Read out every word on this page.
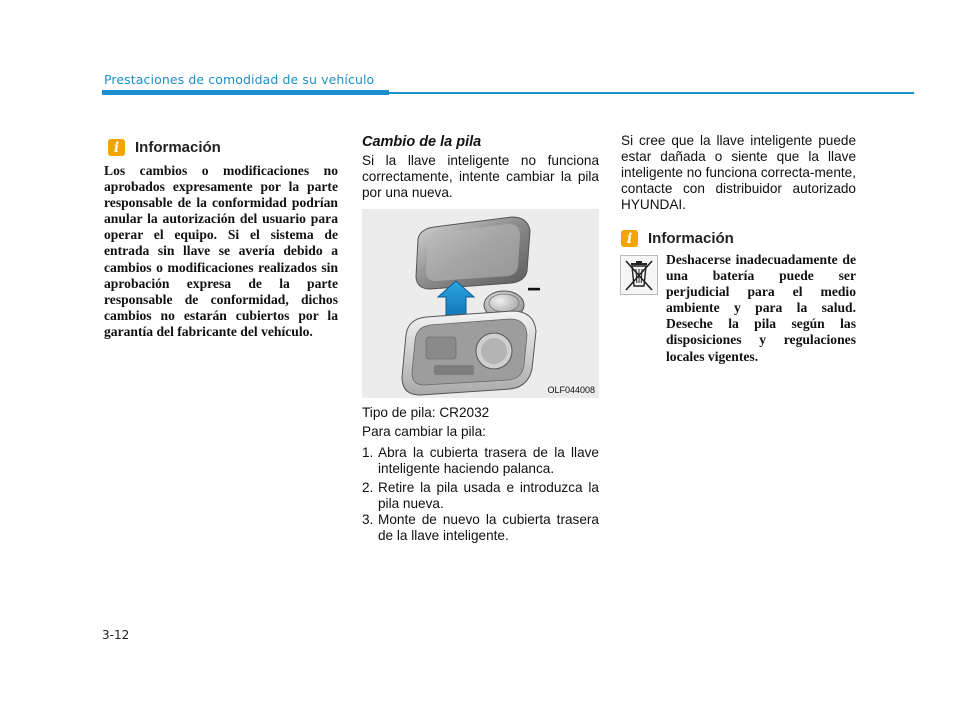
Prestaciones de comodidad de su vehículo
i	Información
Los cambios o modificaciones no aprobados expresamente por la parte responsable de la conformidad podrían anular la autorización del usuario para operar el equipo. Si el sistema de entrada sin llave se avería debido a cambios o modificaciones realizados sin aprobación expresa de la parte responsable de conformidad, dichos cambios no estarán cubiertos por la garantía del fabricante del vehículo.
Cambio de la pila
Si la llave inteligente no funciona correctamente, intente cambiar la pila por una nueva.
−
OLF044008
Tipo de pila: CR2032
Para cambiar la pila:
1. Abra la cubierta trasera de la llave inteligente haciendo palanca.
2. Retire la pila usada e introduzca la pila nueva.
3. Monte de nuevo la cubierta trasera de la llave inteligente.
Si cree que la llave inteligente puede estar dañada o siente que la llave inteligente no funciona correcta-mente, contacte con distribuidor autorizado HYUNDAI.
i	Información
Deshacerse inadecuadamente de una batería puede ser perjudicial para el medio ambiente y para la salud. Deseche la pila según las disposiciones y regulaciones locales vigentes.
3-12
